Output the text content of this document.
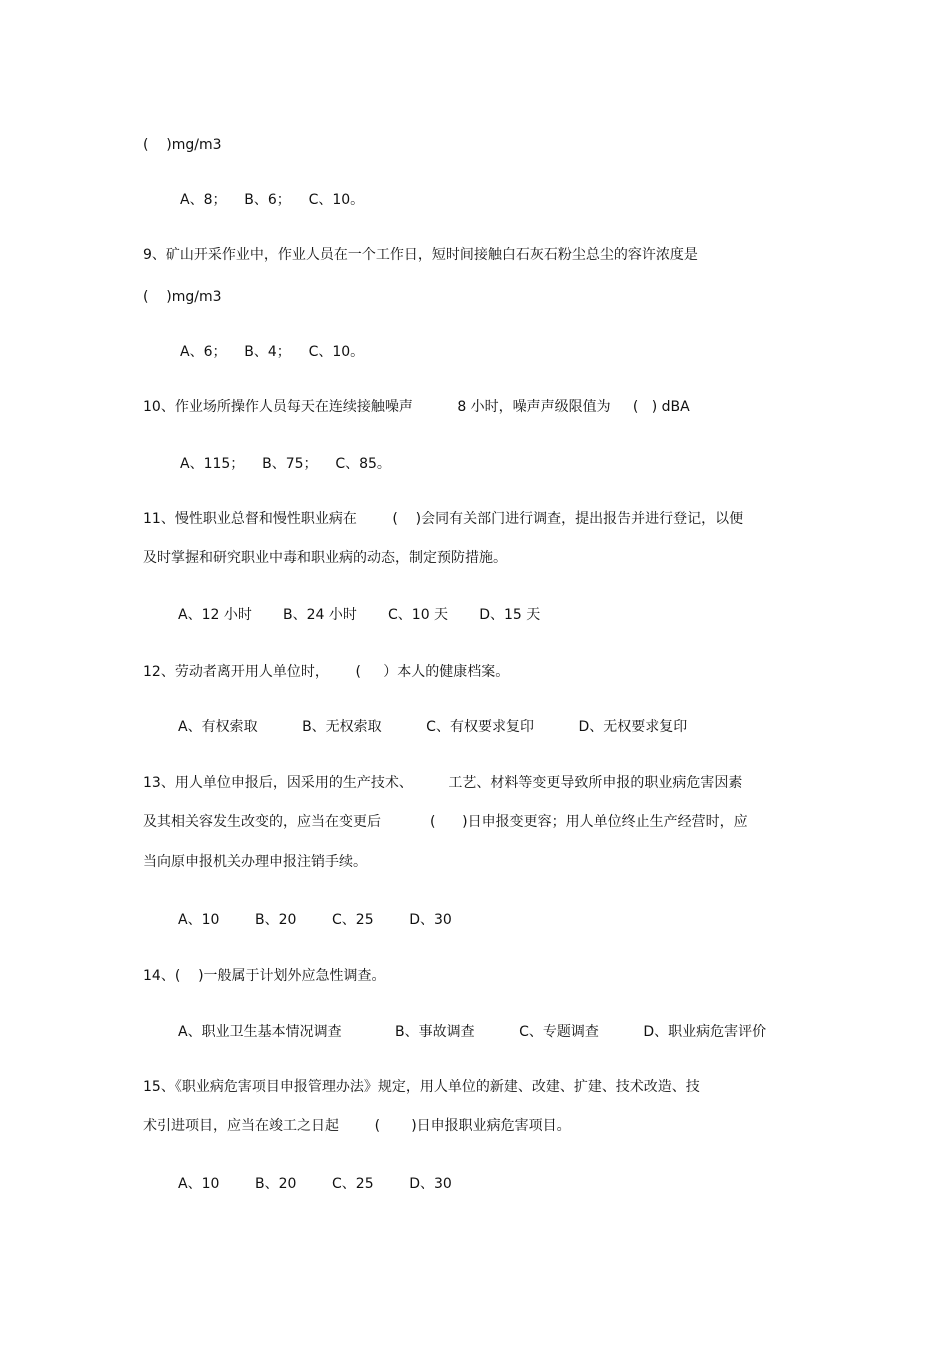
(    )mg/m3
A、8；    B、6；    C、10。
9、矿山开采作业中，作业人员在一个工作日，短时间接触白石灰石粉尘总尘的容许浓度是
(    )mg/m3
A、6；    B、4；    C、10。
10、作业场所操作人员每天在连续接触噪声          8 小时，噪声声级限值为     (   ) dBA
A、115；    B、75；    C、85。
11、慢性职业总督和慢性职业病在        (    )会同有关部门进行调查，提出报告并进行登记，以便
及时掌握和研究职业中毒和职业病的动态，制定预防措施。
A、12 小时       B、24 小时       C、10 天       D、15 天
12、劳动者离开用人单位时，      (     ）本人的健康档案。
A、有权索取          B、无权索取          C、有权要求复印          D、无权要求复印
13、用人单位申报后，因采用的生产技术、        工艺、材料等变更导致所申报的职业病危害因素
及其相关容发生改变的，应当在变更后           (      )日申报变更容；用人单位终止生产经营时，应
当向原申报机关办理申报注销手续。
A、10        B、20        C、25        D、30
14、(    )一般属于计划外应急性调查。
A、职业卫生基本情况调查            B、事故调查          C、专题调查          D、职业病危害评价
15、《职业病危害项目申报管理办法》规定，用人单位的新建、改建、扩建、技术改造、技
术引进项目，应当在竣工之日起        (       )日申报职业病危害项目。
A、10        B、20        C、25        D、30
